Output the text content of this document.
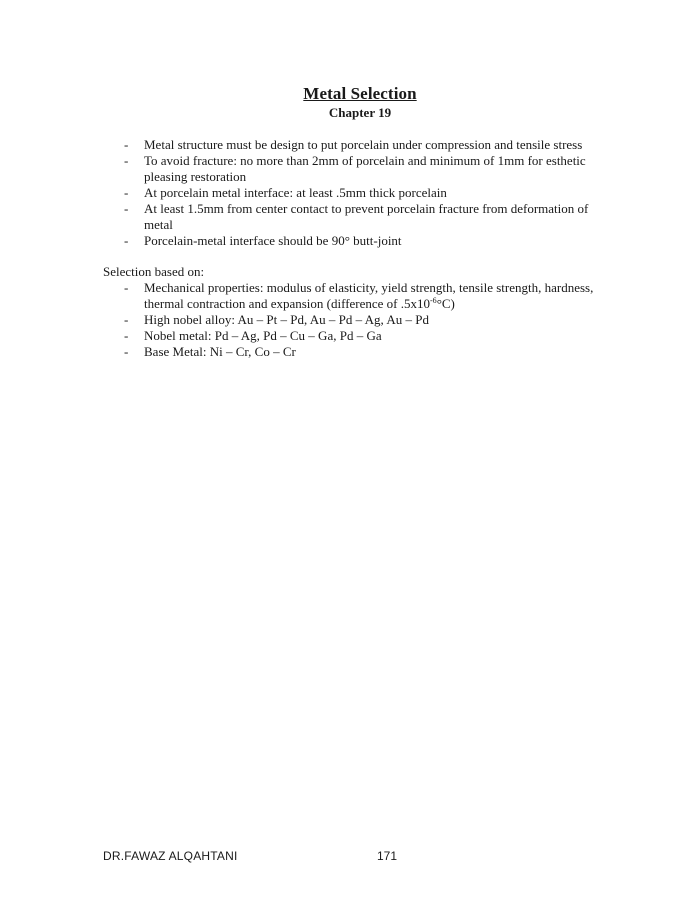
Metal Selection
Chapter 19
- Metal structure must be design to put porcelain under compression and tensile stress
- To avoid fracture: no more than 2mm of porcelain and minimum of 1mm for esthetic pleasing restoration
- At porcelain metal interface: at least .5mm thick porcelain
- At least 1.5mm from center contact to prevent porcelain fracture from deformation of metal
- Porcelain-metal interface should be 90° butt-joint
Selection based on:
- Mechanical properties: modulus of elasticity, yield strength, tensile strength, hardness, thermal contraction and expansion (difference of $.5x10^{-6}^\circ C$)
- High nobel alloy: Au – Pt – Pd, Au – Pd – Ag, Au – Pd
- Nobel metal: Pd – Ag, Pd – Cu – Ga, Pd – Ga
- Base Metal: Ni – Cr, Co – Cr
DR.FAWAZ ALQAHTANI	171
